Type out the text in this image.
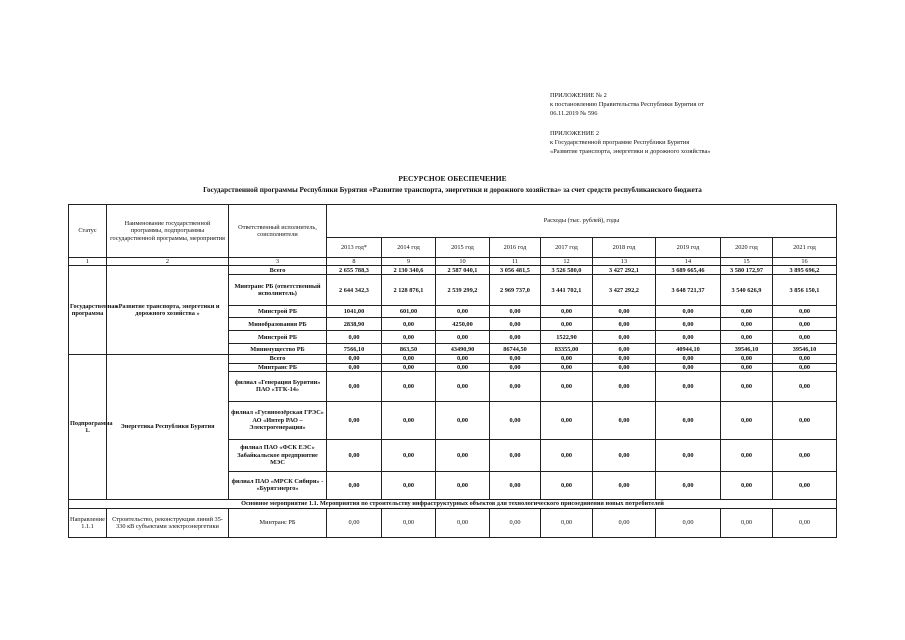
ПРИЛОЖЕНИЕ № 2
к постановлению Правительства Республики Бурятия от
06.11.2019 № 596
ПРИЛОЖЕНИЕ 2
к Государственной программе Республики Бурятия
«Развитие транспорта, энергетики и дорожного хозяйства»
РЕСУРСНОЕ ОБЕСПЕЧЕНИЕ
Государственной программы Республики Бурятия «Развитие транспорта, энергетики и дорожного хозяйства» за счет средств республиканского бюджета
Статус	Наименование государственной программы, подпрограммы государственной программы, мероприятия	Ответственный исполнитель, соисполнители	Расходы (тыс. рублей), годы								
			2013 год*	2014 год	2015 год	2016 год	2017 год	2018 год	2019 год	2020 год	2021 год
1	2	3	8	9	10	11	12	13	14	15	16
Государственная программа	«Развитие транспорта, энергетики и дорожного хозяйства »	Всего	2 655 788,3	2 130 340,6	2 587 040,1	3 056 481,5	3 526 580,0	3 427 292,1	3 689 665,46	3 580 172,97	3 895 696,2
		Минтранс РБ (ответственный исполнитель)	2 644 342,3	2 128 876,1	2 539 299,2	2 969 737,0	3 441 702,1	3 427 292,2	3 648 721,37	3 540 626,9	3 856 150,1
		Минстрой РБ	1041,00	601,00	0,00	0,00	0,00	0,00	0,00	0,00	0,00
		Минобразования РБ	2838,90	0,00	4250,00	0,00	0,00	0,00	0,00	0,00	0,00
		Минстрой РБ	0,00	0,00	0,00	0,00	1522,90	0,00	0,00	0,00	0,00
		Минимущество РБ	7566,10	863,50	43490,90	86744,50	83355,00	0,00	40944,10	39546,10	39546,10
Подпрограмма 1.	Энергетика Республики Бурятия	Всего	0,00	0,00	0,00	0,00	0,00	0,00	0,00	0,00	0,00
		Минтранс РБ	0,00	0,00	0,00	0,00	0,00	0,00	0,00	0,00	0,00
		филиал «Генерация Бурятии» ПАО «ТГК-14»	0,00	0,00	0,00	0,00	0,00	0,00	0,00	0,00	0,00
		филиал «Гусиноозёрская ГРЭС» АО «Интер РАО – Электрогенерация»	0,00	0,00	0,00	0,00	0,00	0,00	0,00	0,00	0,00
		филиал ПАО «ФСК ЕЭС» Забайкальское предприятие МЭС	0,00	0,00	0,00	0,00	0,00	0,00	0,00	0,00	0,00
		филиал ПАО «МРСК Сибири» - «Бурятэнерго»	0,00	0,00	0,00	0,00	0,00	0,00	0,00	0,00	0,00
Основное мероприятие 1.1. Мероприятия по строительству инфраструктурных объектов для технологического присоединения новых потребителей											
Направление 1.1.1	Строительство, реконструкция линий 35-330 кВ субъектами электроэнергетики	Минтранс РБ	0,00	0,00	0,00	0,00	0,00	0,00	0,00	0,00	0,00
